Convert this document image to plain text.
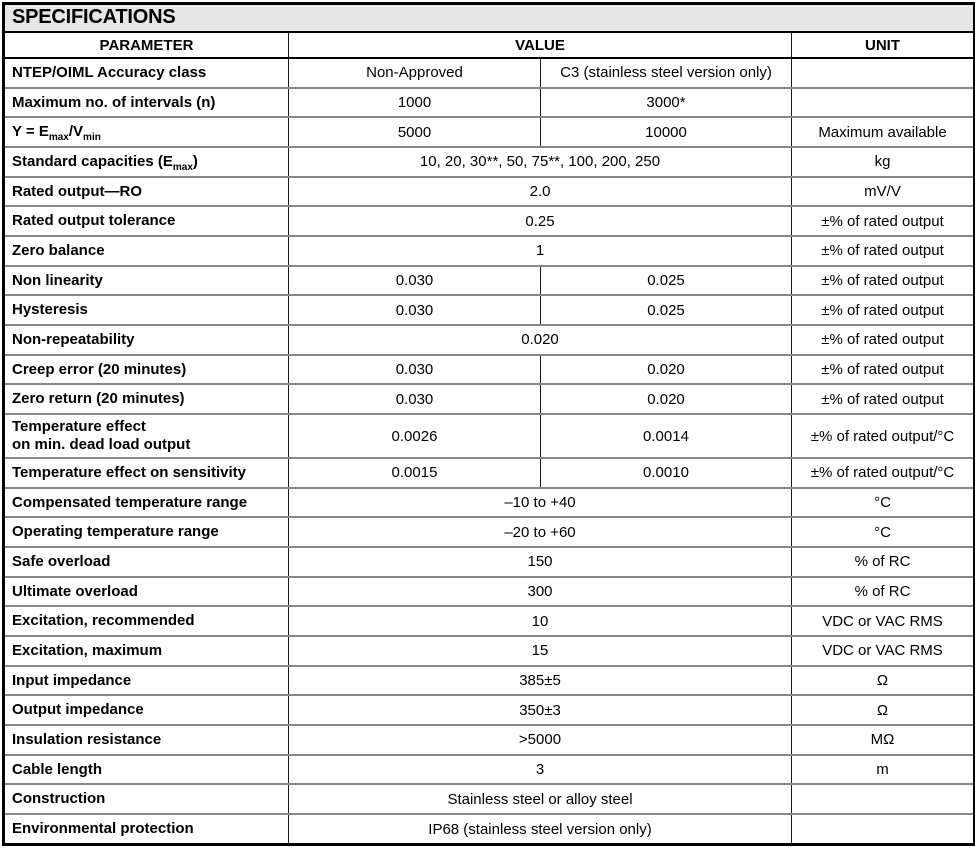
SPECIFICATIONS			
PARAMETER	VALUE		UNIT
NTEP/OIML Accuracy class	Non-Approved	C3 (stainless steel version only)	
Maximum no. of intervals (n)	1000	3000*	
$Y = E_{max}/V_{min}$	5000	10000	Maximum available
Standard capacities $(E_{max})$	10, 20, 30**, 50, 75**, 100, 200, 250		kg
Rated output—RO	2.0		mV/V
Rated output tolerance	0.25		±% of rated output
Zero balance	1		±% of rated output
Non linearity	0.030	0.025	±% of rated output
Hysteresis	0.030	0.025	±% of rated output
Non-repeatability	0.020		±% of rated output
Creep error (20 minutes)	0.030	0.020	±% of rated output
Zero return (20 minutes)	0.030	0.020	±% of rated output
Temperature effect
on min. dead load output	0.0026	0.0014	±% of rated output/°C
Temperature effect on sensitivity	0.0015	0.0010	±% of rated output/°C
Compensated temperature range	–10 to +40		°C
Operating temperature range	–20 to +60		°C
Safe overload	150		% of RC
Ultimate overload	300		% of RC
Excitation, recommended	10		VDC or VAC RMS
Excitation, maximum	15		VDC or VAC RMS
Input impedance	385±5		Ω
Output impedance	350±3		Ω
Insulation resistance	>5000		MΩ
Cable length	3		m
Construction	Stainless steel or alloy steel		
Environmental protection	IP68 (stainless steel version only)		
